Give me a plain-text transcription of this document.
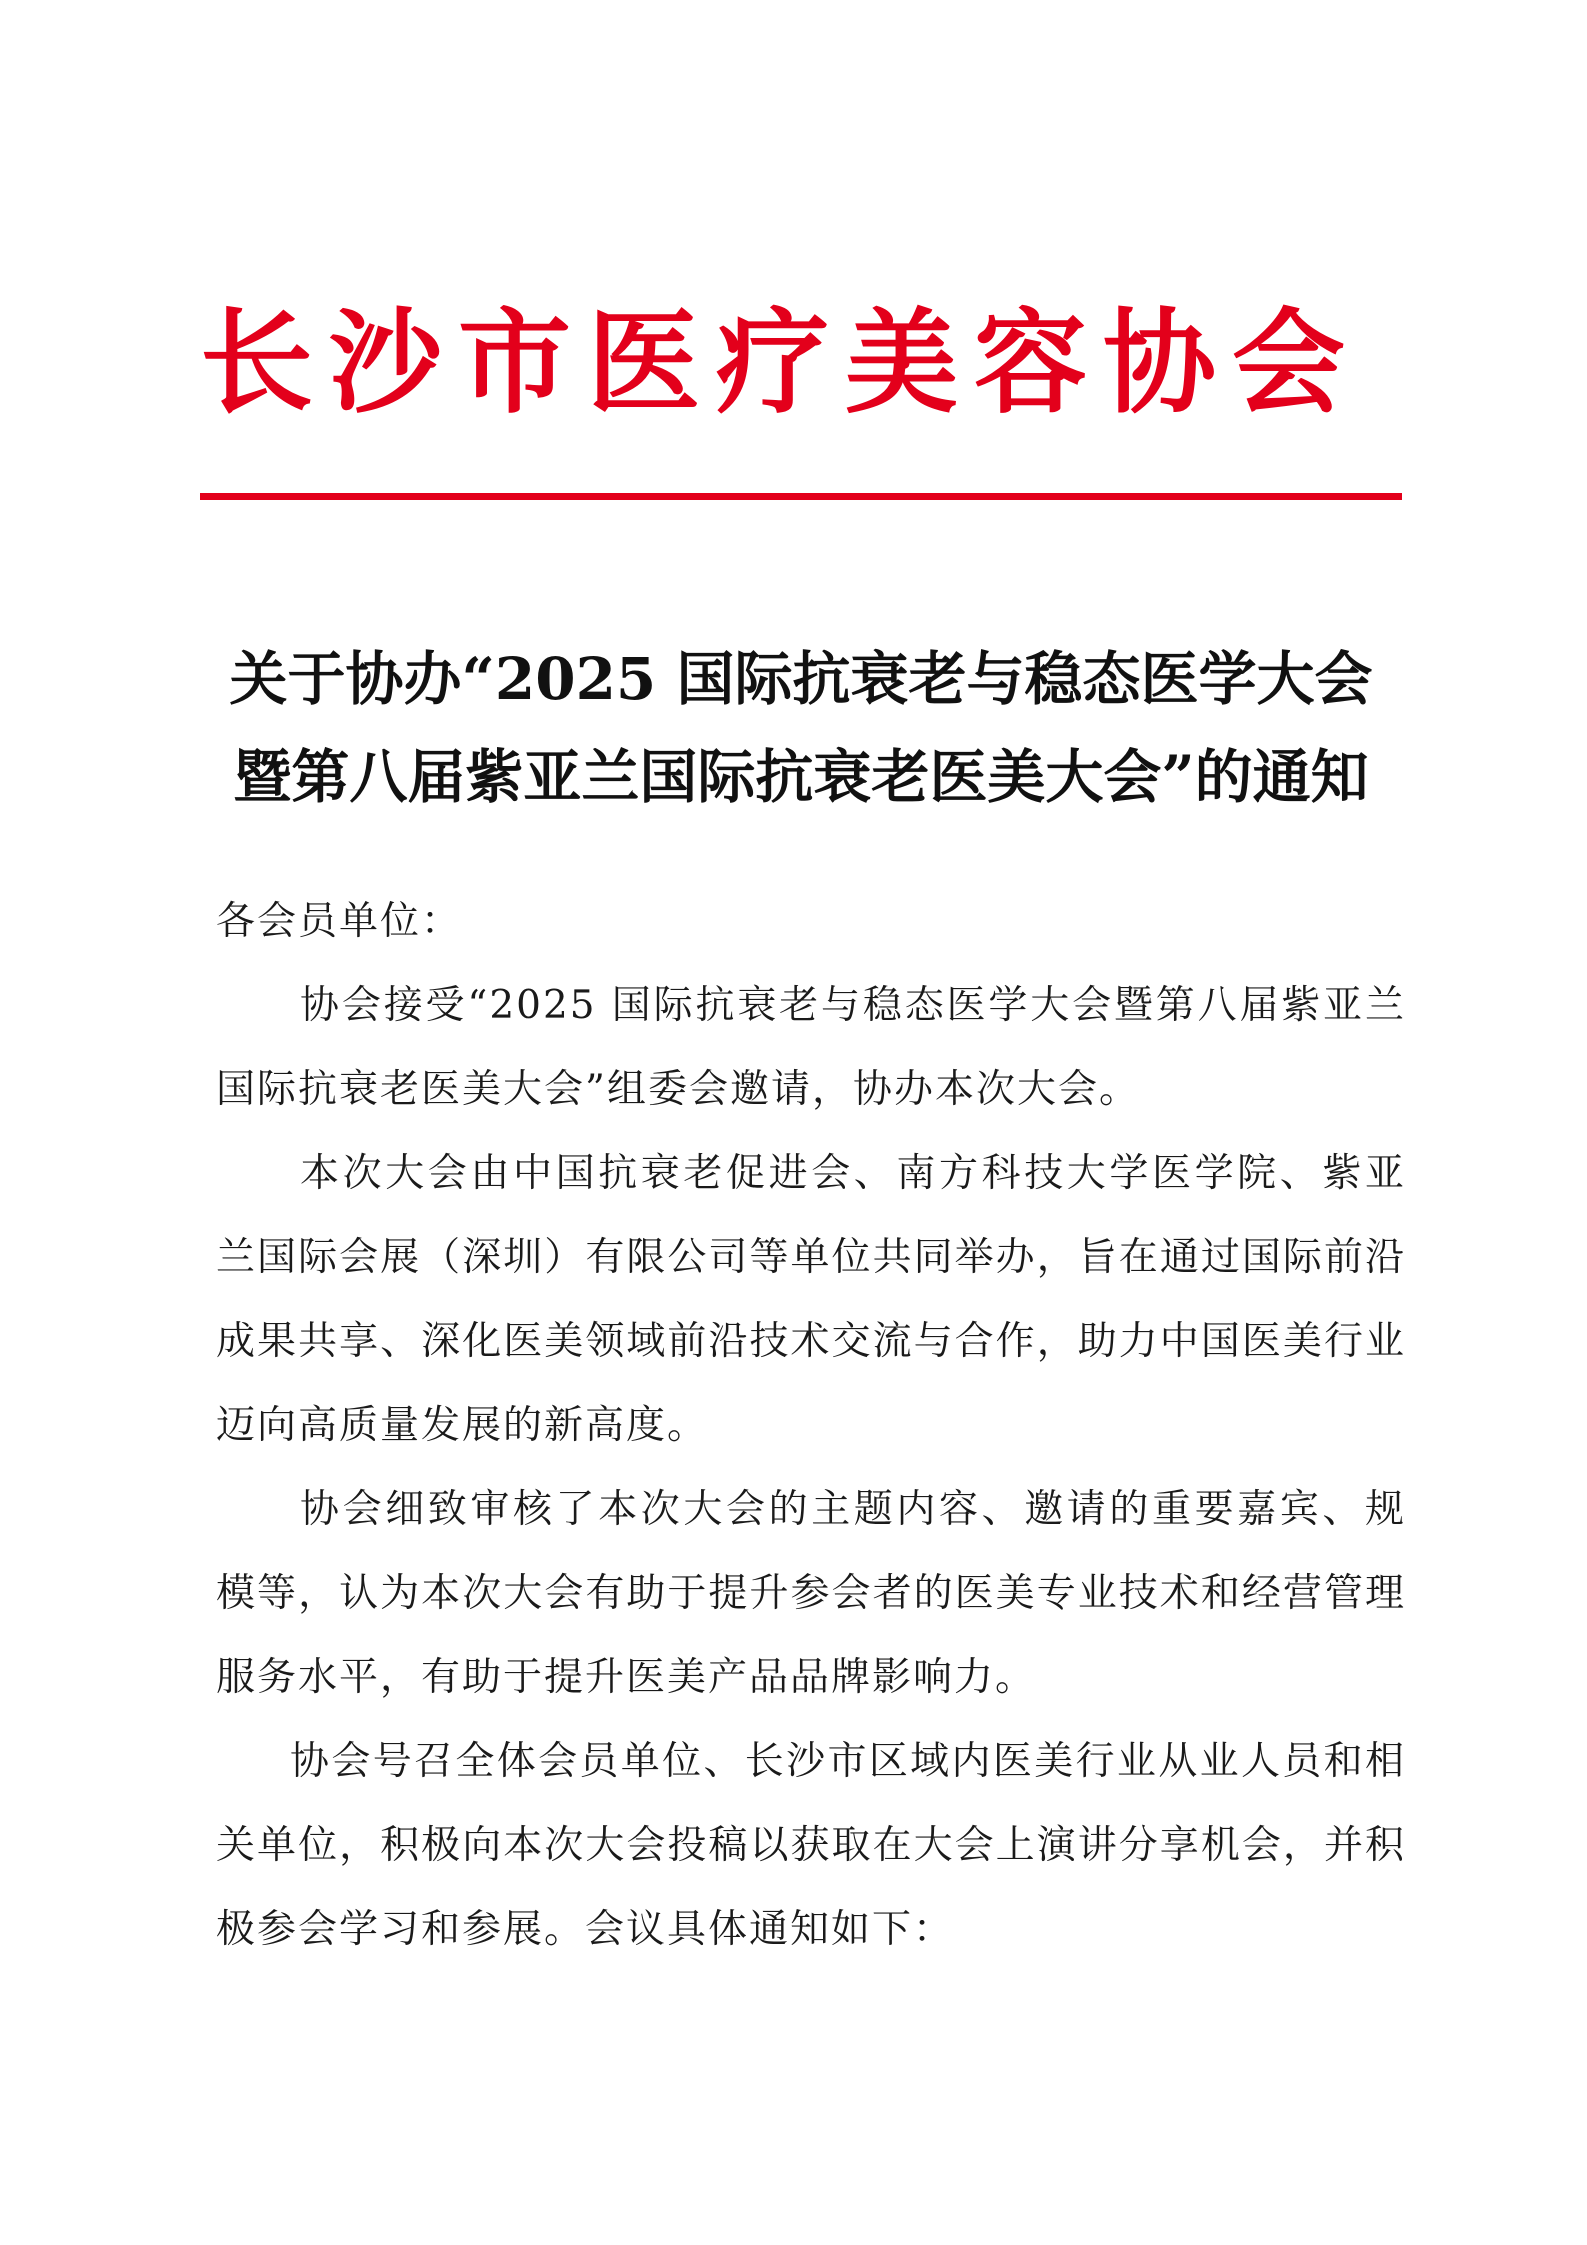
长沙市医疗美容协会
关于协办“2025 国际抗衰老与稳态医学大会
暨第八届紫亚兰国际抗衰老医美大会”的通知

各会员单位：

协会接受“2025 国际抗衰老与稳态医学大会暨第八届紫亚兰国际抗衰老医美大会”组委会邀请，协办本次大会。

本次大会由中国抗衰老促进会、南方科技大学医学院、紫亚兰国际会展（深圳）有限公司等单位共同举办，旨在通过国际前沿成果共享、深化医美领域前沿技术交流与合作，助力中国医美行业迈向高质量发展的新高度。

协会细致审核了本次大会的主题内容、邀请的重要嘉宾、规模等，认为本次大会有助于提升参会者的医美专业技术和经营管理服务水平，有助于提升医美产品品牌影响力。

协会号召全体会员单位、长沙市区域内医美行业从业人员和相关单位，积极向本次大会投稿以获取在大会上演讲分享机会，并积极参会学习和参展。会议具体通知如下：
